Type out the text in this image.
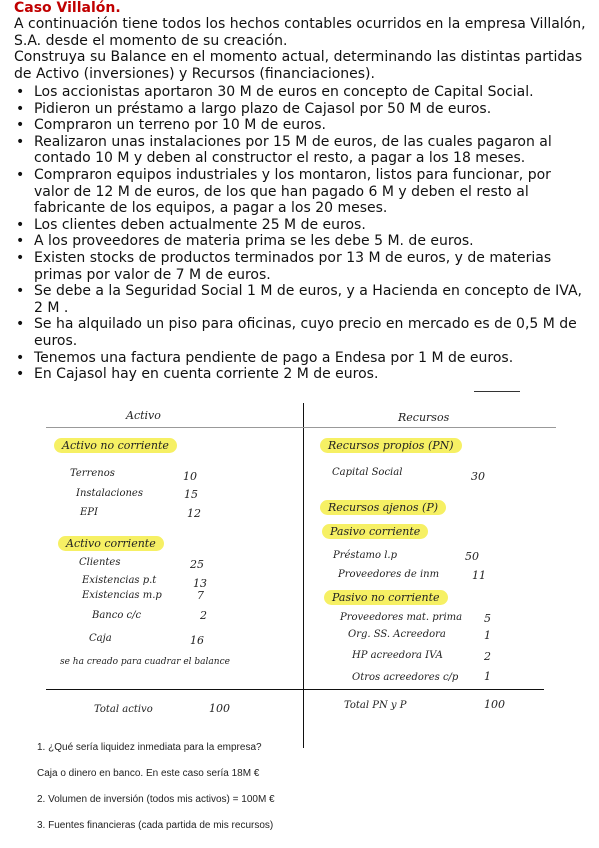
Caso Villalón.

A continuación tiene todos los hechos contables ocurridos en la empresa Villalón, S.A. desde el momento de su creación.

Construya su Balance en el momento actual, determinando las distintas partidas de Activo (inversiones) y Recursos (financiaciones).

• Los accionistas aportaron 30 M de euros en concepto de Capital Social.
• Pidieron un préstamo a largo plazo de Cajasol por 50 M de euros.
• Compraron un terreno por 10 M de euros.
• Realizaron unas instalaciones por 15 M de euros, de las cuales pagaron al contado 10 M y deben al constructor el resto, a pagar a los 18 meses.
• Compraron equipos industriales y los montaron, listos para funcionar, por valor de 12 M de euros, de los que han pagado 6 M y deben el resto al fabricante de los equipos, a pagar a los 20 meses.
• Los clientes deben actualmente 25 M de euros.
• A los proveedores de materia prima se les debe 5 M. de euros.
• Existen stocks de productos terminados por 13 M de euros, y de materias primas por valor de 7 M de euros.
• Se debe a la Seguridad Social 1 M de euros, y a Hacienda en concepto de IVA, 2 M .
• Se ha alquilado un piso para oficinas, cuyo precio en mercado es de 0,5 M de euros.
• Tenemos una factura pendiente de pago a Endesa por 1 M de euros.
• En Cajasol hay en cuenta corriente 2 M de euros.
Activo	Recursos
Activo no corriente
Terrenos	10
Instalaciones	15
EPI	12
Activo corriente
Clientes	25
Existencias p.t	13
Existencias m.p	7
Banco c/c	2
Caja	16
se ha creado para cuadrar el balance
Total activo	100
Recursos propios (PN)
Capital Social	30
Recursos ajenos (P)
Pasivo corriente
Préstamo l.p	50
Proveedores de inm	11
Pasivo no corriente
Proveedores mat. prima 5
Org. SS. Acreedora	1
HP acreedora IVA	2
Otros acreedores c/p 1
Total PN y P	100

1. ¿Qué sería liquidez inmediata para la empresa?

Caja o dinero en banco. En este caso sería 18M €

2. Volumen de inversión (todos mis activos) = 100M €

3. Fuentes financieras (cada partida de mis recursos)
